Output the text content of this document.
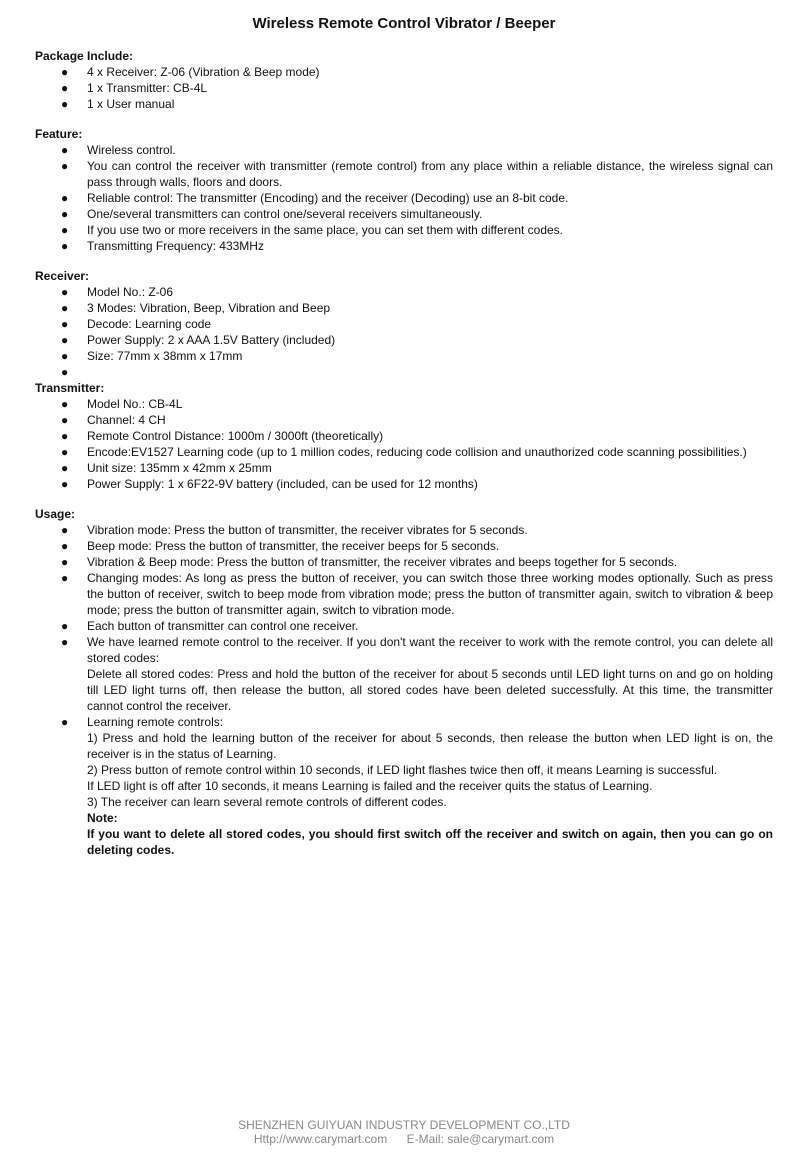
Wireless Remote Control Vibrator / Beeper

Package Include:

● 4 x Receiver: Z-06 (Vibration & Beep mode)
● 1 x Transmitter: CB-4L
● 1 x User manual

Feature:

● Wireless control.
● You can control the receiver with transmitter (remote control) from any place within a reliable distance, the wireless signal can pass through walls, floors and doors.
● Reliable control: The transmitter (Encoding) and the receiver (Decoding) use an 8-bit code.
● One/several transmitters can control one/several receivers simultaneously.
● If you use two or more receivers in the same place, you can set them with different codes.
● Transmitting Frequency: 433MHz

Receiver:

● Model No.: Z-06
● 3 Modes: Vibration, Beep, Vibration and Beep
● Decode: Learning code
● Power Supply: 2 x AAA 1.5V Battery (included)
● Size: 77mm x 38mm x 17mm
●

Transmitter:

● Model No.: CB-4L
● Channel: 4 CH
● Remote Control Distance: 1000m / 3000ft (theoretically)
● Encode:EV1527 Learning code (up to 1 million codes, reducing code collision and unauthorized code scanning possibilities.)
● Unit size: 135mm x 42mm x 25mm
● Power Supply: 1 x 6F22-9V battery (included, can be used for 12 months)

Usage:

● Vibration mode: Press the button of transmitter, the receiver vibrates for 5 seconds.
● Beep mode: Press the button of transmitter, the receiver beeps for 5 seconds.
● Vibration & Beep mode: Press the button of transmitter, the receiver vibrates and beeps together for 5 seconds.
● Changing modes: As long as press the button of receiver, you can switch those three working modes optionally. Such as press the button of receiver, switch to beep mode from vibration mode; press the button of transmitter again, switch to vibration & beep mode; press the button of transmitter again, switch to vibration mode.
● Each button of transmitter can control one receiver.
● We have learned remote control to the receiver. If you don't want the receiver to work with the remote control, you can delete all stored codes:
Delete all stored codes: Press and hold the button of the receiver for about 5 seconds until LED light turns on and go on holding till LED light turns off, then release the button, all stored codes have been deleted successfully. At this time, the transmitter cannot control the receiver.
● Learning remote controls:
1) Press and hold the learning button of the receiver for about 5 seconds, then release the button when LED light is on, the receiver is in the status of Learning.
2) Press button of remote control within 10 seconds, if LED light flashes twice then off, it means Learning is successful.
If LED light is off after 10 seconds, it means Learning is failed and the receiver quits the status of Learning.
3) The receiver can learn several remote controls of different codes.
Note:
If you want to delete all stored codes, you should first switch off the receiver and switch on again, then you can go on deleting codes.
SHENZHEN GUIYUAN INDUSTRY DEVELOPMENT CO.,LTD
Http://www.carymart.com E-Mail: sale@carymart.com
